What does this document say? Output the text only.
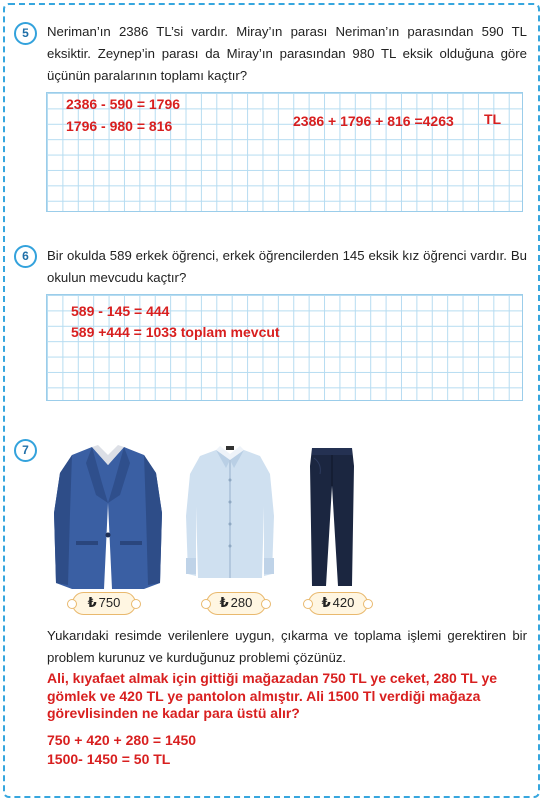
5	Neriman’ın 2386 TL’si vardır. Miray’ın parası Neriman’ın parasından 590 TL eksiktir. Zeynep’in parası da Miray’ın parasından 980 TL eksik olduğuna göre üçünün paralarının toplamı kaçtır?
2386 - 590 = 1796
1796 - 980 = 816	2386 + 1796 + 816 =4263 TL
6	Bir okulda 589 erkek öğrenci, erkek öğrencilerden 145 eksik kız öğrenci vardır. Bu okulun mevcudu kaçtır?
589 - 145 = 444
589 +444 = 1033 toplam mevcut
7
₺ 750	₺ 280	₺ 420
Yukarıdaki resimde verilenlere uygun, çıkarma ve toplama işlemi gerektiren bir problem kurunuz ve kurduğunuz problemi çözünüz.
Ali, kıyafaet almak için gittiği mağazadan 750 TL ye ceket, 280 TL ye gömlek ve 420 TL ye pantolon almıştır. Ali 1500 Tl verdiği mağaza görevlisinden ne kadar para üstü alır?
750 + 420 + 280 = 1450
1500- 1450 = 50 TL
